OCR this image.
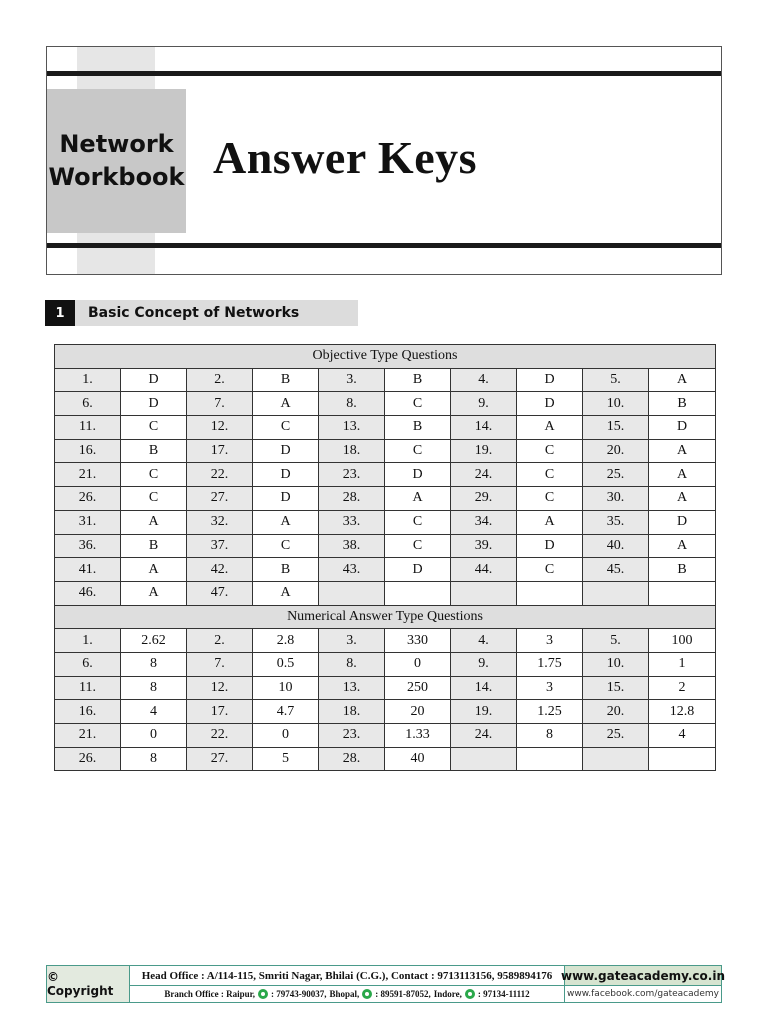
Network
Workbook Answer Keys
1	Basic Concept of Networks
Objective Type Questions									
1.	D	2.	B	3.	B	4.	D	5.	A
6.	D	7.	A	8.	C	9.	D	10.	B
11.	C	12.	C	13.	B	14.	A	15.	D
16.	B	17.	D	18.	C	19.	C	20.	A
21.	C	22.	D	23.	D	24.	C	25.	A
26.	C	27.	D	28.	A	29.	C	30.	A
31.	A	32.	A	33.	C	34.	A	35.	D
36.	B	37.	C	38.	C	39.	D	40.	A
41.	A	42.	B	43.	D	44.	C	45.	B
46.	A	47.	A						
Numerical Answer Type Questions									
1.	2.62	2.	2.8	3.	330	4.	3	5.	100
6.	8	7.	0.5	8.	0	9.	1.75	10.	1
11.	8	12.	10	13.	250	14.	3	15.	2
16.	4	17.	4.7	18.	20	19.	1.25	20.	12.8
21.	0	22.	0	23.	1.33	24.	8	25.	4
26.	8	27.	5	28.	40				
© Copyright
Head Office : A/114-115, Smriti Nagar, Bhilai (C.G.), Contact : 9713113156, 9589894176
Branch Office : Raipur, : 79743-90037, Bhopal, : 89591-87052, Indore, : 97134-11112
www.gateacademy.co.in
www.facebook.com/gateacademy
